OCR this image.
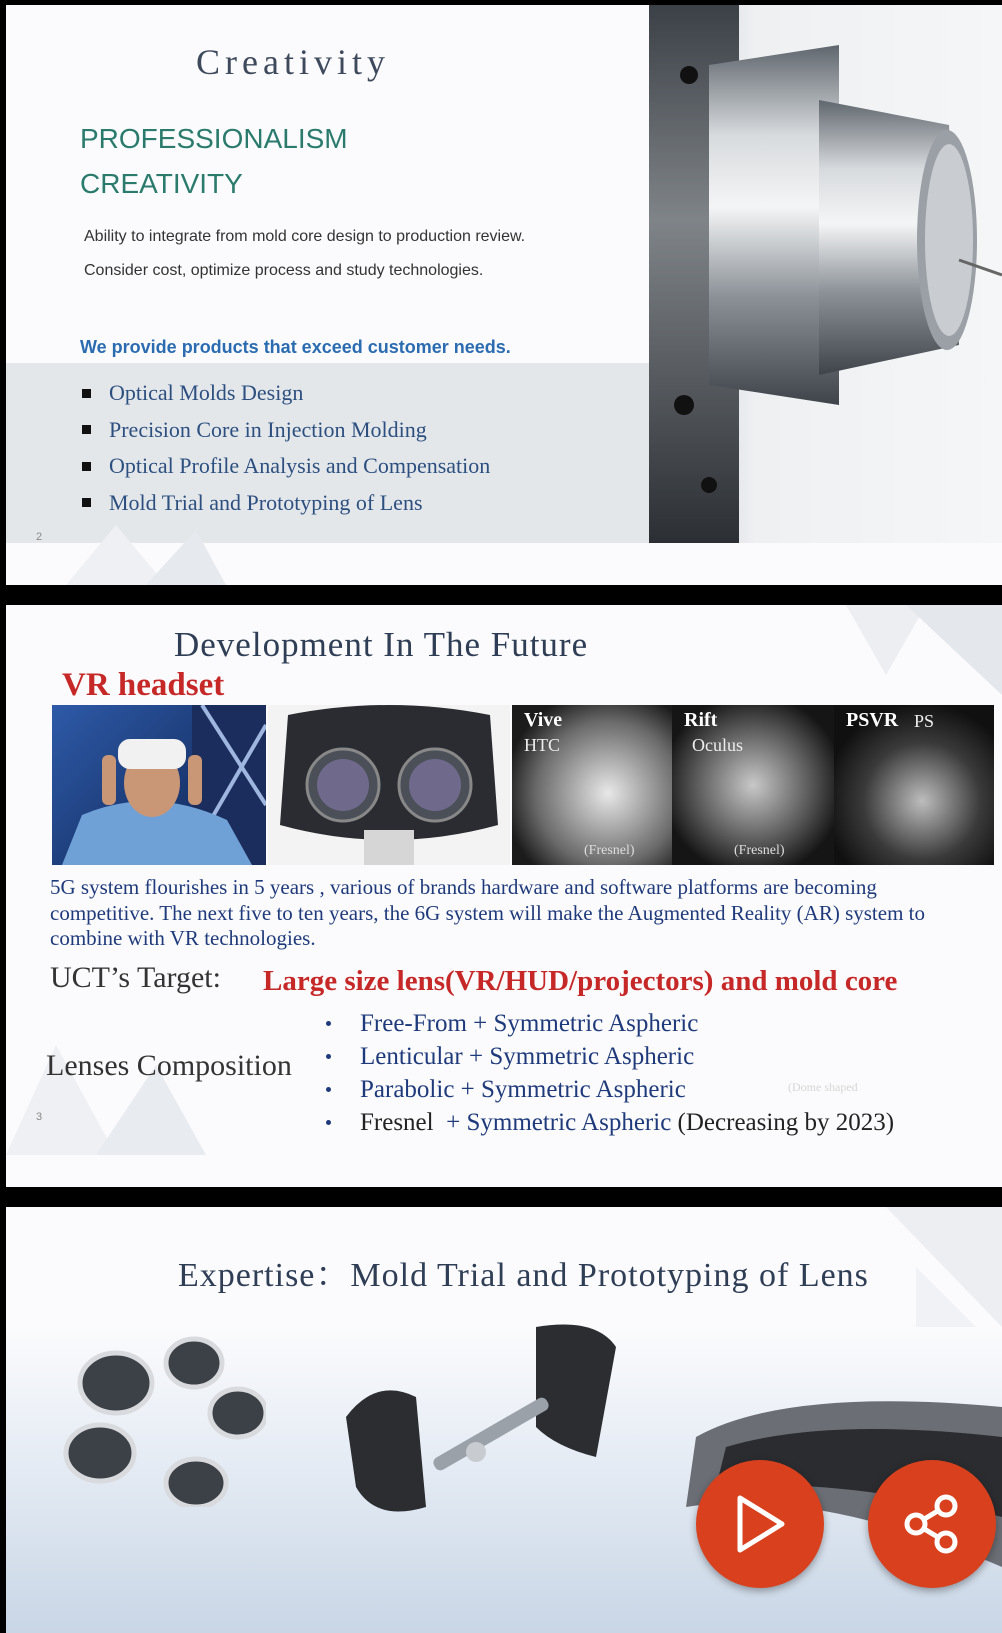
Creativity
PROFESSIONALISM
CREATIVITY
Ability to integrate from mold core design to production review.
Consider cost, optimize process and study technologies.
We provide products that exceed customer needs.
Optical Molds Design
Precision Core in Injection Molding
Optical Profile Analysis and Compensation
Mold Trial and Prototyping of Lens
2
Development In The Future
VR headset
Vive
HTC
(Fresnel)
Rift
Oculus
(Fresnel)
PSVR PS
5G system flourishes in 5 years , various of brands hardware and software platforms are becoming competitive. The next five to ten years, the 6G system will make the Augmented Reality (AR) system to combine with VR technologies.
UCT’s Target: Large size lens(VR/HUD/projectors) and mold core
Lenses Composition
Free-From + Symmetric Aspheric
Lenticular + Symmetric Aspheric
Parabolic + Symmetric Aspheric
Fresnel + Symmetric Aspheric
(Decreasing by 2023)
(Dome shaped
3
Expertise：Mold Trial and Prototyping of Lens
